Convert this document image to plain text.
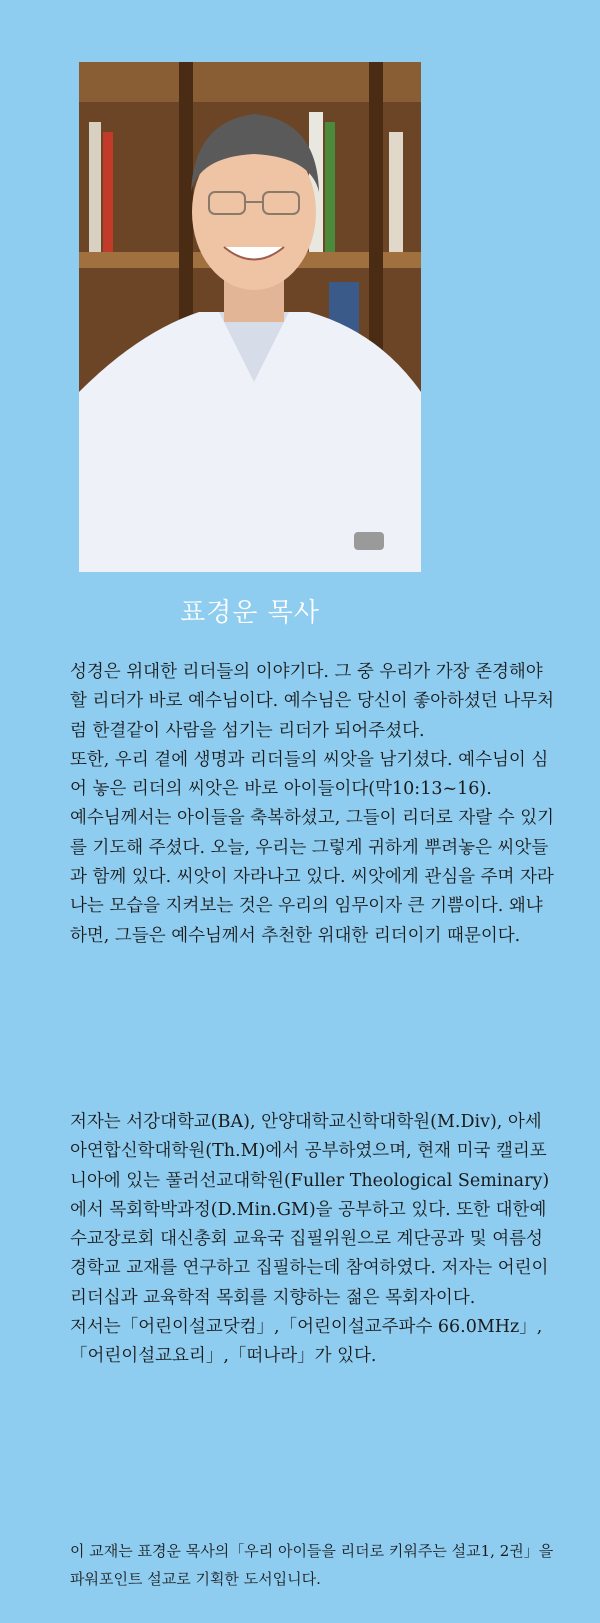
표경운 목사

성경은 위대한 리더들의 이야기다. 그 중 우리가 가장 존경해야 할 리더가 바로 예수님이다. 예수님은 당신이 좋아하셨던 나무처럼 한결같이 사람을 섬기는 리더가 되어주셨다.

또한, 우리 곁에 생명과 리더들의 씨앗을 남기셨다. 예수님이 심어 놓은 리더의 씨앗은 바로 아이들이다(막10:13~16).

예수님께서는 아이들을 축복하셨고, 그들이 리더로 자랄 수 있기를 기도해 주셨다. 오늘, 우리는 그렇게 귀하게 뿌려놓은 씨앗들과 함께 있다. 씨앗이 자라나고 있다. 씨앗에게 관심을 주며 자라나는 모습을 지켜보는 것은 우리의 임무이자 큰 기쁨이다. 왜냐하면, 그들은 예수님께서 추천한 위대한 리더이기 때문이다.

저자는 서강대학교(BA), 안양대학교신학대학원(M.Div), 아세아연합신학대학원(Th.M)에서 공부하였으며, 현재 미국 캘리포니아에 있는 풀러선교대학원(Fuller Theological Seminary)에서 목회학박과정(D.Min.GM)을 공부하고 있다. 또한 대한예수교장로회 대신총회 교육국 집필위원으로 계단공과 및 여름성경학교 교재를 연구하고 집필하는데 참여하였다. 저자는 어린이리더십과 교육학적 목회를 지향하는 젊은 목회자이다.

저서는「어린이설교닷컴」,「어린이설교주파수 66.0MHz」,「어린이설교요리」,「떠나라」가 있다.

이 교재는 표경운 목사의「우리 아이들을 리더로 키워주는 설교1, 2권」을 파워포인트 설교로 기획한 도서입니다.
